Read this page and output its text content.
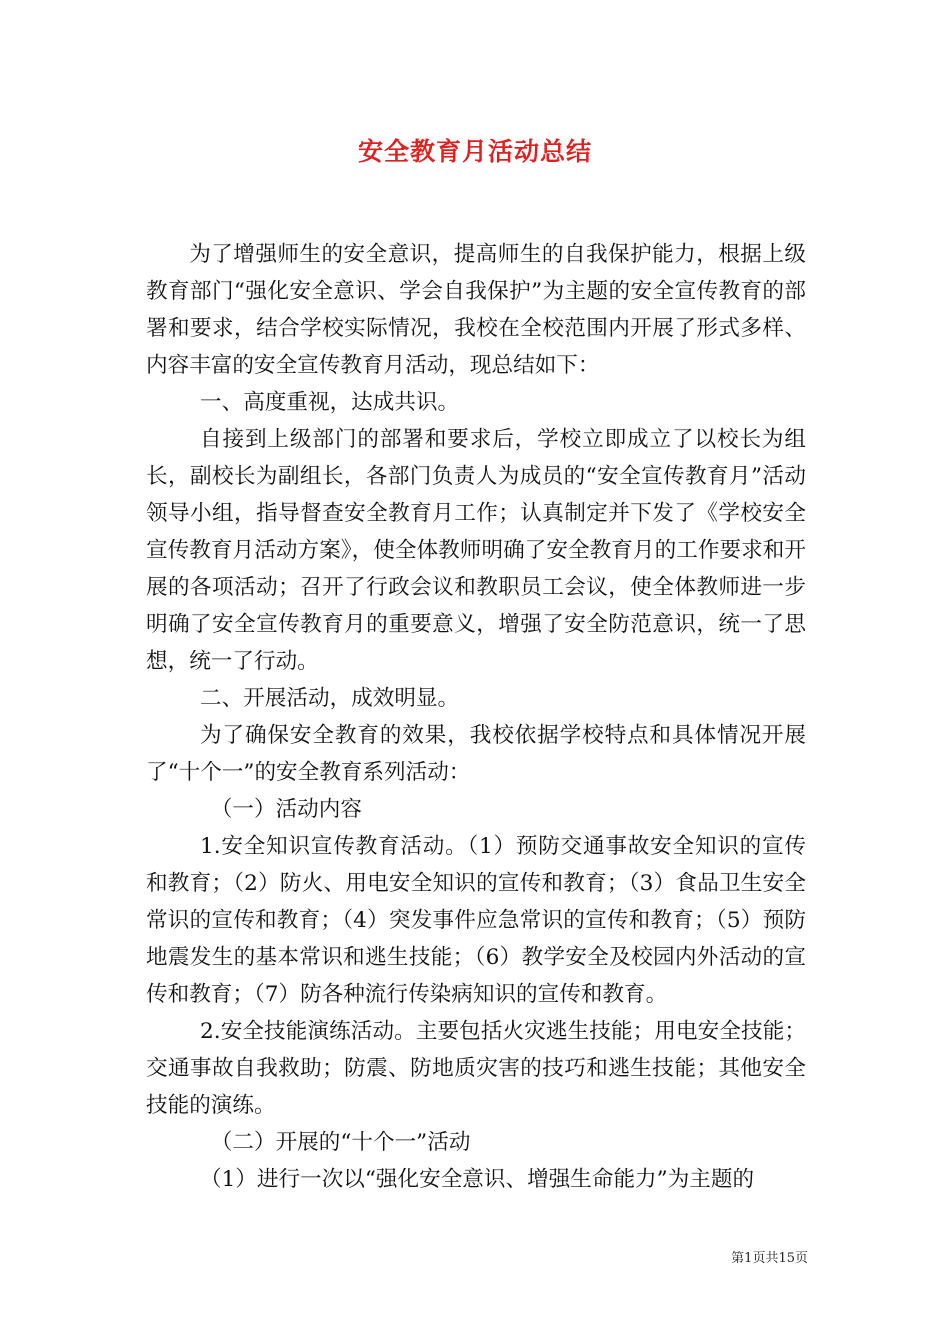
安全教育月活动总结

为了增强师生的安全意识，提高师生的自我保护能力，根据上级教育部门“强化安全意识、学会自我保护”为主题的安全宣传教育的部署和要求，结合学校实际情况，我校在全校范围内开展了形式多样、内容丰富的安全宣传教育月活动，现总结如下：

一、高度重视，达成共识。

自接到上级部门的部署和要求后，学校立即成立了以校长为组长，副校长为副组长，各部门负责人为成员的“安全宣传教育月”活动领导小组，指导督查安全教育月工作；认真制定并下发了《学校安全宣传教育月活动方案》，使全体教师明确了安全教育月的工作要求和开展的各项活动；召开了行政会议和教职员工会议，使全体教师进一步明确了安全宣传教育月的重要意义，增强了安全防范意识，统一了思想，统一了行动。

二、开展活动，成效明显。

为了确保安全教育的效果，我校依据学校特点和具体情况开展了“十个一”的安全教育系列活动：

（一）活动内容

1.安全知识宣传教育活动。（1）预防交通事故安全知识的宣传和教育；（2）防火、用电安全知识的宣传和教育；（3）食品卫生安全常识的宣传和教育；（4）突发事件应急常识的宣传和教育；（5）预防地震发生的基本常识和逃生技能；（6）教学安全及校园内外活动的宣传和教育；（7）防各种流行传染病知识的宣传和教育。

2.安全技能演练活动。主要包括火灾逃生技能；用电安全技能；交通事故自我救助；防震、防地质灾害的技巧和逃生技能；其他安全技能的演练。

（二）开展的“十个一”活动

（1）进行一次以“强化安全意识、增强生命能力”为主题的

第1页共15页
